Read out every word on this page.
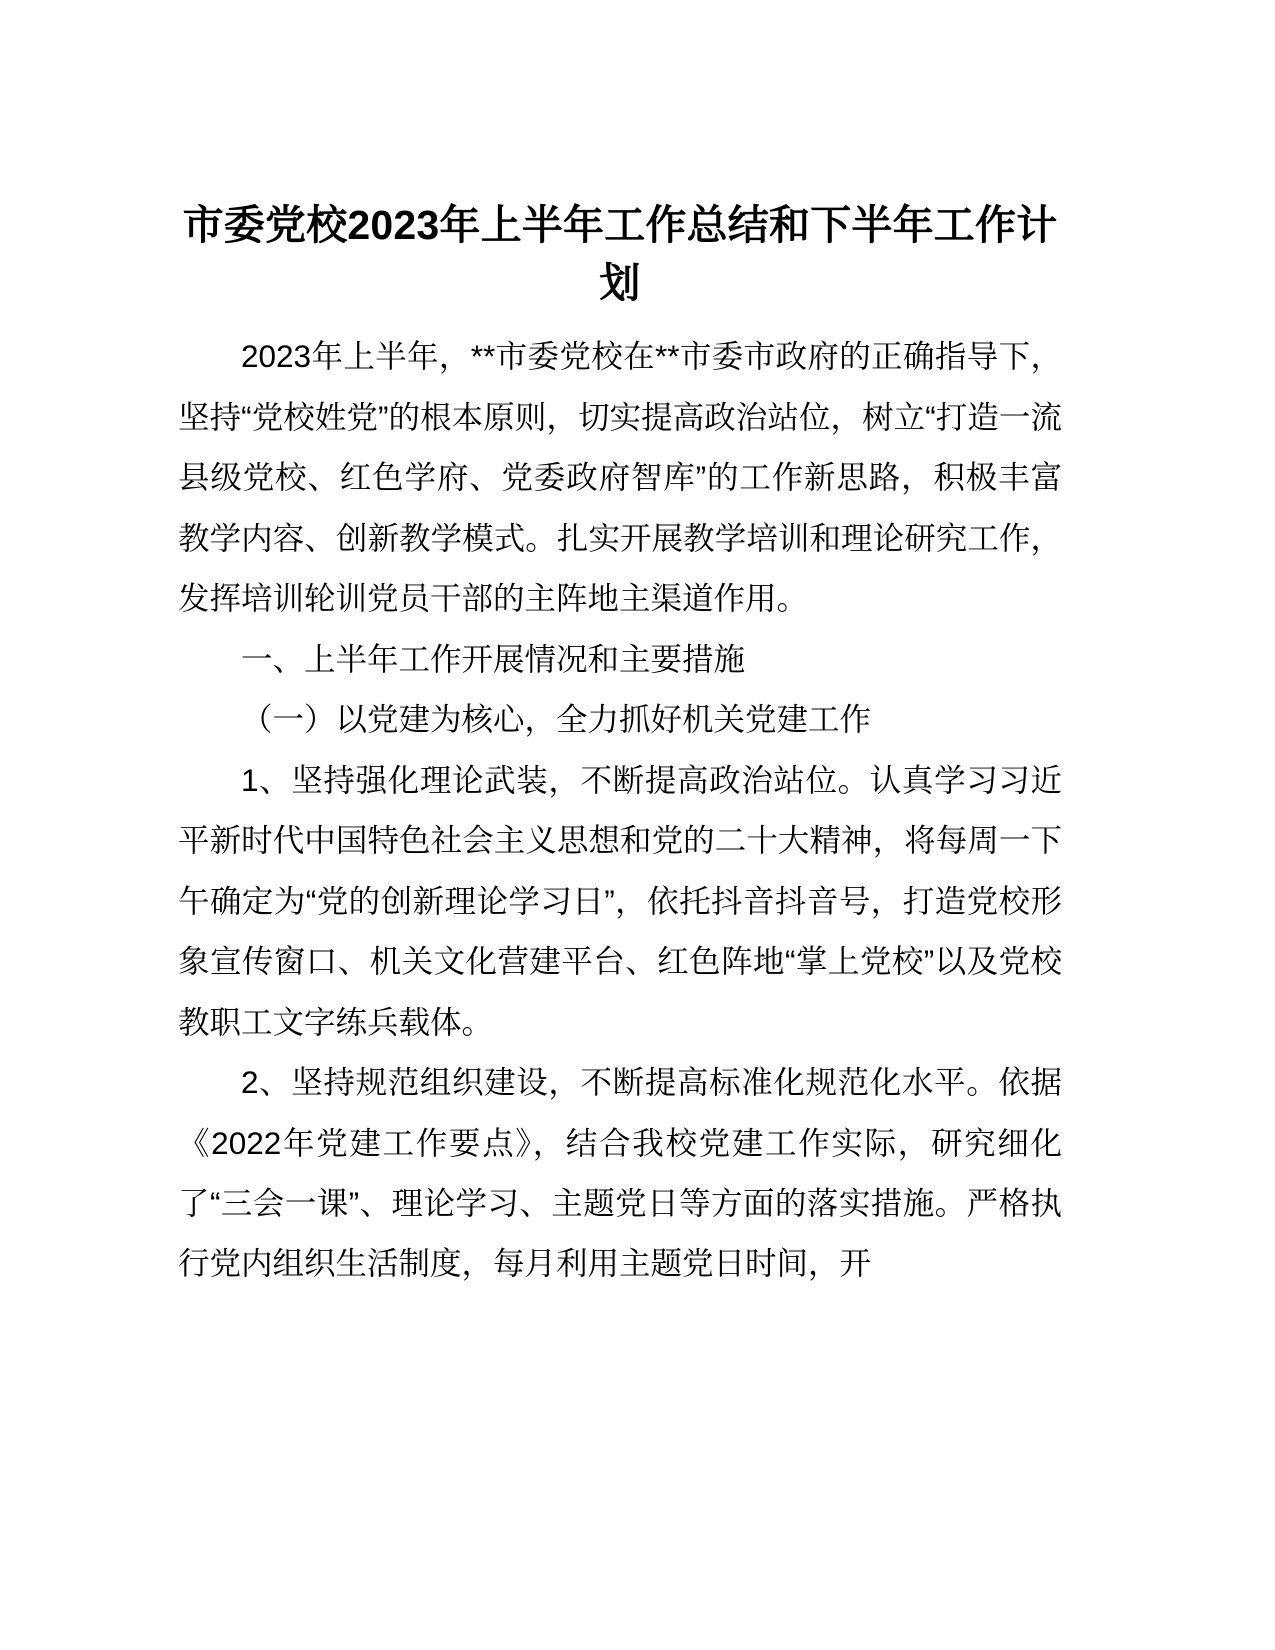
市委党校2023年上半年工作总结和下半年工作计划

2023年上半年，**市委党校在**市委市政府的正确指导下，坚持“党校姓党”的根本原则，切实提高政治站位，树立“打造一流县级党校、红色学府、党委政府智库”的工作新思路，积极丰富教学内容、创新教学模式。扎实开展教学培训和理论研究工作，发挥培训轮训党员干部的主阵地主渠道作用。

一、上半年工作开展情况和主要措施

（一）以党建为核心，全力抓好机关党建工作

1、坚持强化理论武装，不断提高政治站位。认真学习习近平新时代中国特色社会主义思想和党的二十大精神，将每周一下午确定为“党的创新理论学习日”，依托抖音抖音号，打造党校形象宣传窗口、机关文化营建平台、红色阵地“掌上党校”以及党校教职工文字练兵载体。

2、坚持规范组织建设，不断提高标准化规范化水平。依据《2022年党建工作要点》，结合我校党建工作实际，研究细化了“三会一课”、理论学习、主题党日等方面的落实措施。严格执行党内组织生活制度，每月利用主题党日时间，开
